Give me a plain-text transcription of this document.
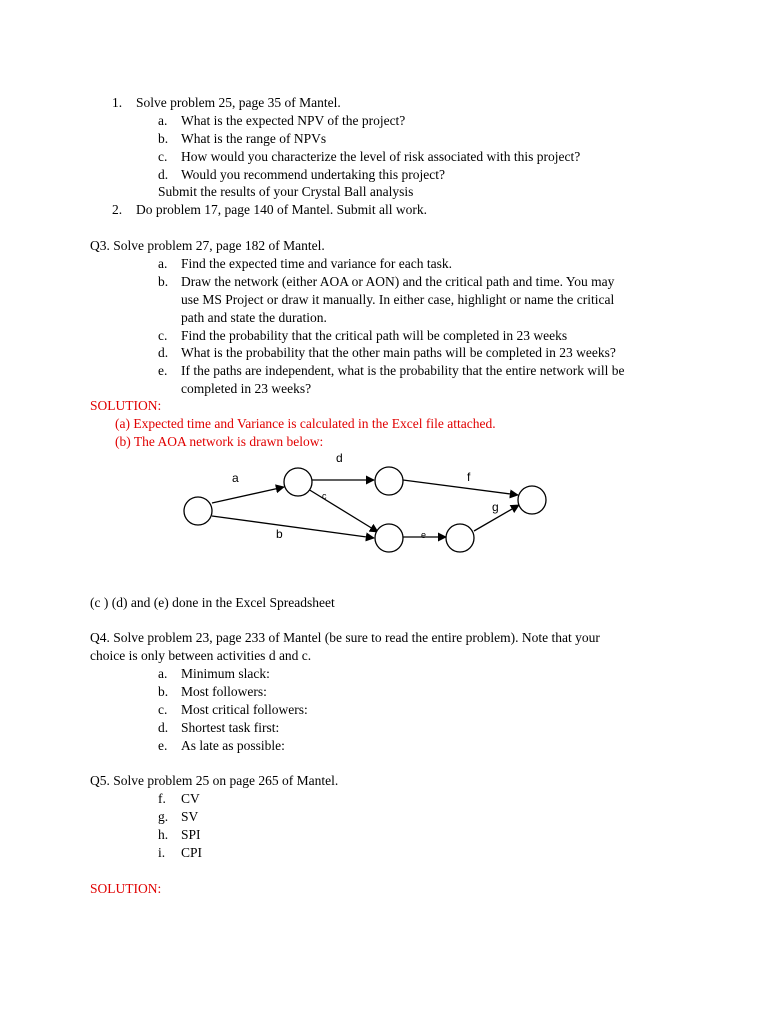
1. Solve problem 25, page 35 of Mantel.
a. What is the expected NPV of the project?
b. What is the range of NPVs
c. How would you characterize the level of risk associated with this project?
d. Would you recommend undertaking this project?
Submit the results of your Crystal Ball analysis
2. Do problem 17, page 140 of Mantel. Submit all work.
Q3. Solve problem 27, page 182 of Mantel.
a. Find the expected time and variance for each task.
b. Draw the network (either AOA or AON) and the critical path and time. You may
use MS Project or draw it manually. In either case, highlight or name the critical
path and state the duration.
c. Find the probability that the critical path will be completed in 23 weeks
d. What is the probability that the other main paths will be completed in 23 weeks?
e. If the paths are independent, what is the probability that the entire network will be
completed in 23 weeks?
SOLUTION:
(a) Expected time and Variance is calculated in the Excel file attached.
(b) The AOA network is drawn below:
a
b
c
d
e
f
g
(c ) (d) and (e) done in the Excel Spreadsheet
Q4. Solve problem 23, page 233 of Mantel (be sure to read the entire problem). Note that your
choice is only between activities d and c.
a. Minimum slack:
b. Most followers:
c. Most critical followers:
d. Shortest task first:
e. As late as possible:
Q5. Solve problem 25 on page 265 of Mantel.
f. CV
g. SV
h. SPI
i. CPI
SOLUTION:
